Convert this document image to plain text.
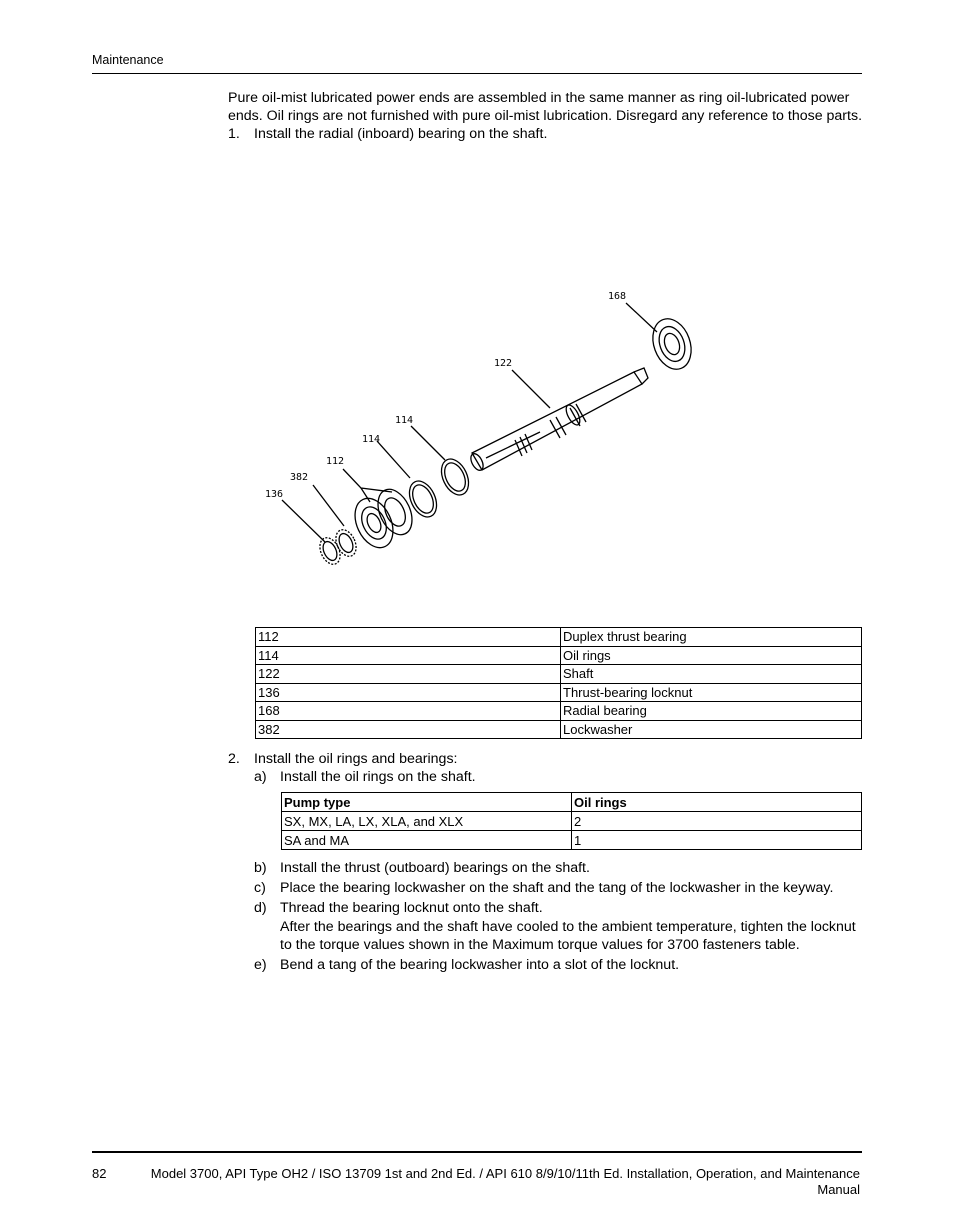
Maintenance

Pure oil-mist lubricated power ends are assembled in the same manner as ring oil-lubricated power ends. Oil rings are not furnished with pure oil-mist lubrication. Disregard any reference to those parts.

1. Install the radial (inboard) bearing on the shaft.
168
122
114
114
112
382
136
112	Duplex thrust bearing
114	Oil rings
122	Shaft
136	Thrust-bearing locknut
168	Radial bearing
382	Lockwasher
2. Install the oil rings and bearings:
a) Install the oil rings on the shaft.
Pump type	Oil rings
SX, MX, LA, LX, XLA, and XLX	2
SA and MA	1
b) Install the thrust (outboard) bearings on the shaft.
c) Place the bearing lockwasher on the shaft and the tang of the lockwasher in the keyway.
d) Thread the bearing locknut onto the shaft.
After the bearings and the shaft have cooled to the ambient temperature, tighten the locknut to the torque values shown in the Maximum torque values for 3700 fasteners table.
e) Bend a tang of the bearing lockwasher into a slot of the locknut.
82	Model 3700, API Type OH2 / ISO 13709 1st and 2nd Ed. / API 610 8/9/10/11th Ed. Installation, Operation, and Maintenance Manual
